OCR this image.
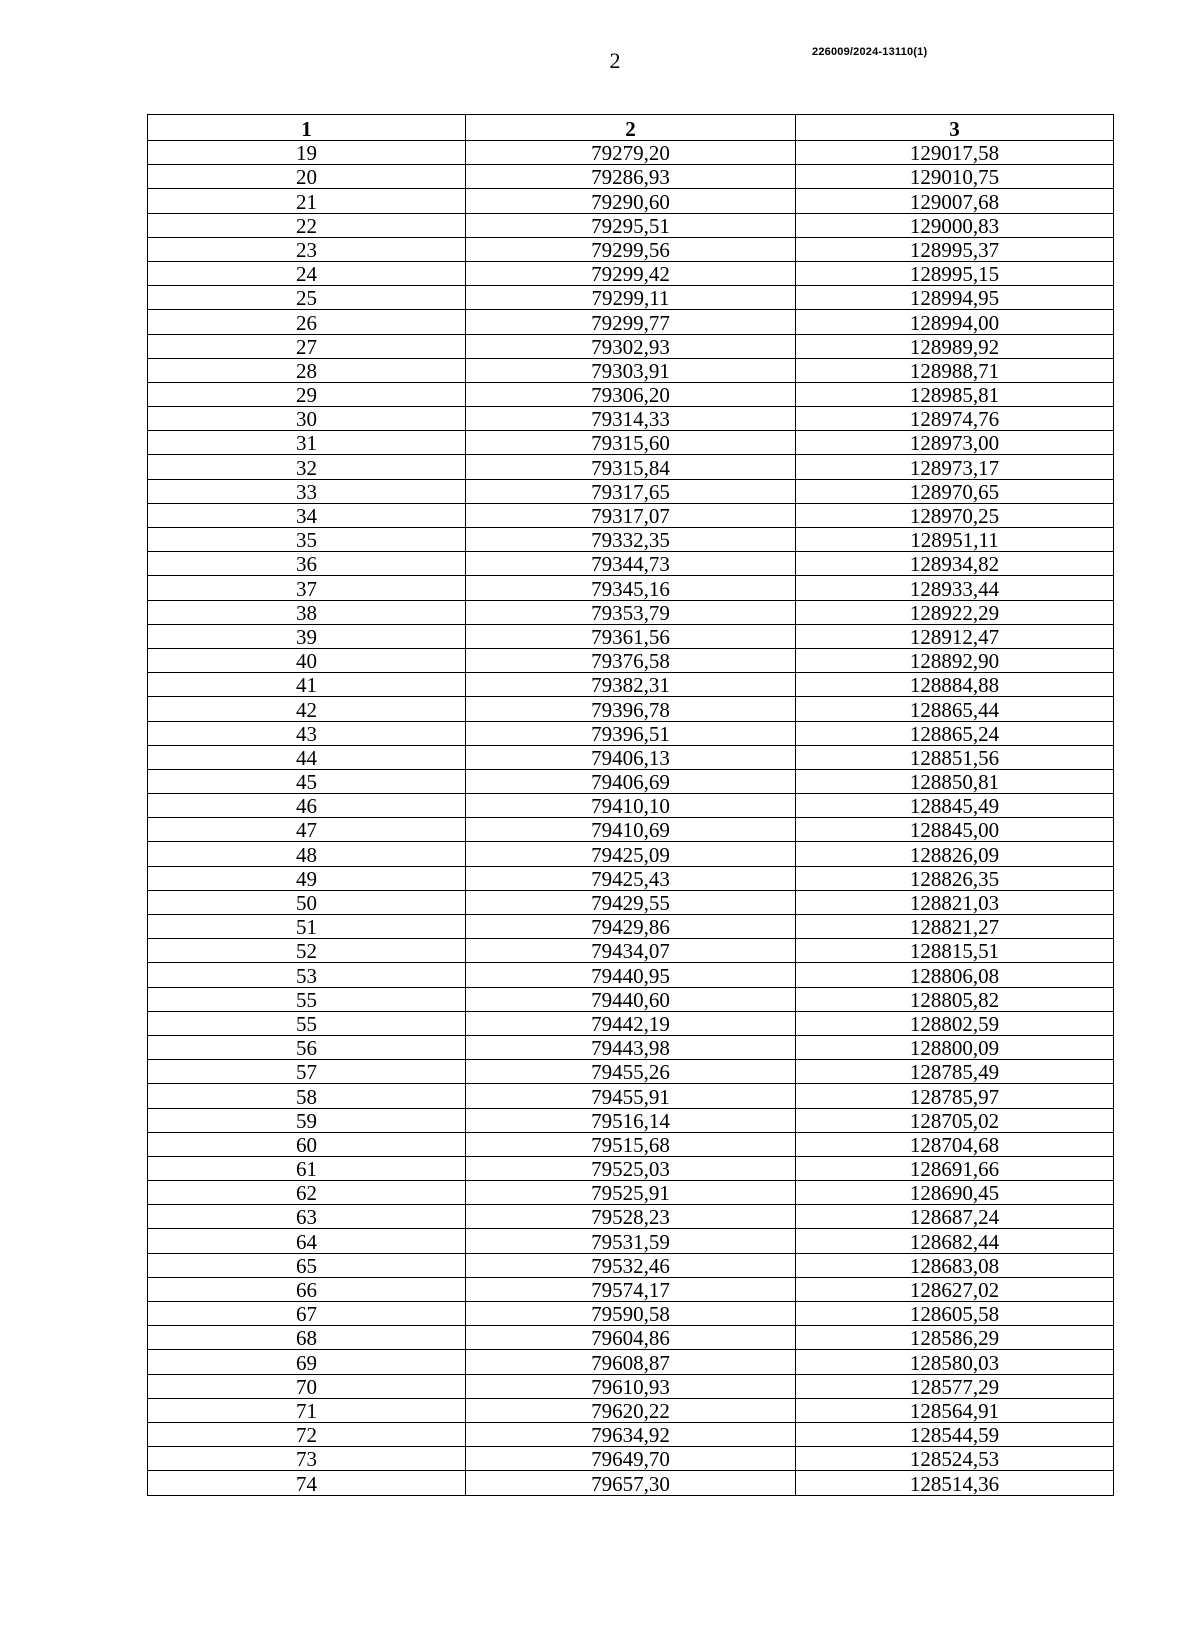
2	226009/2024-13110(1)
1	2	3
19	79279,20	129017,58
20	79286,93	129010,75
21	79290,60	129007,68
22	79295,51	129000,83
23	79299,56	128995,37
24	79299,42	128995,15
25	79299,11	128994,95
26	79299,77	128994,00
27	79302,93	128989,92
28	79303,91	128988,71
29	79306,20	128985,81
30	79314,33	128974,76
31	79315,60	128973,00
32	79315,84	128973,17
33	79317,65	128970,65
34	79317,07	128970,25
35	79332,35	128951,11
36	79344,73	128934,82
37	79345,16	128933,44
38	79353,79	128922,29
39	79361,56	128912,47
40	79376,58	128892,90
41	79382,31	128884,88
42	79396,78	128865,44
43	79396,51	128865,24
44	79406,13	128851,56
45	79406,69	128850,81
46	79410,10	128845,49
47	79410,69	128845,00
48	79425,09	128826,09
49	79425,43	128826,35
50	79429,55	128821,03
51	79429,86	128821,27
52	79434,07	128815,51
53	79440,95	128806,08
55	79440,60	128805,82
55	79442,19	128802,59
56	79443,98	128800,09
57	79455,26	128785,49
58	79455,91	128785,97
59	79516,14	128705,02
60	79515,68	128704,68
61	79525,03	128691,66
62	79525,91	128690,45
63	79528,23	128687,24
64	79531,59	128682,44
65	79532,46	128683,08
66	79574,17	128627,02
67	79590,58	128605,58
68	79604,86	128586,29
69	79608,87	128580,03
70	79610,93	128577,29
71	79620,22	128564,91
72	79634,92	128544,59
73	79649,70	128524,53
74	79657,30	128514,36
